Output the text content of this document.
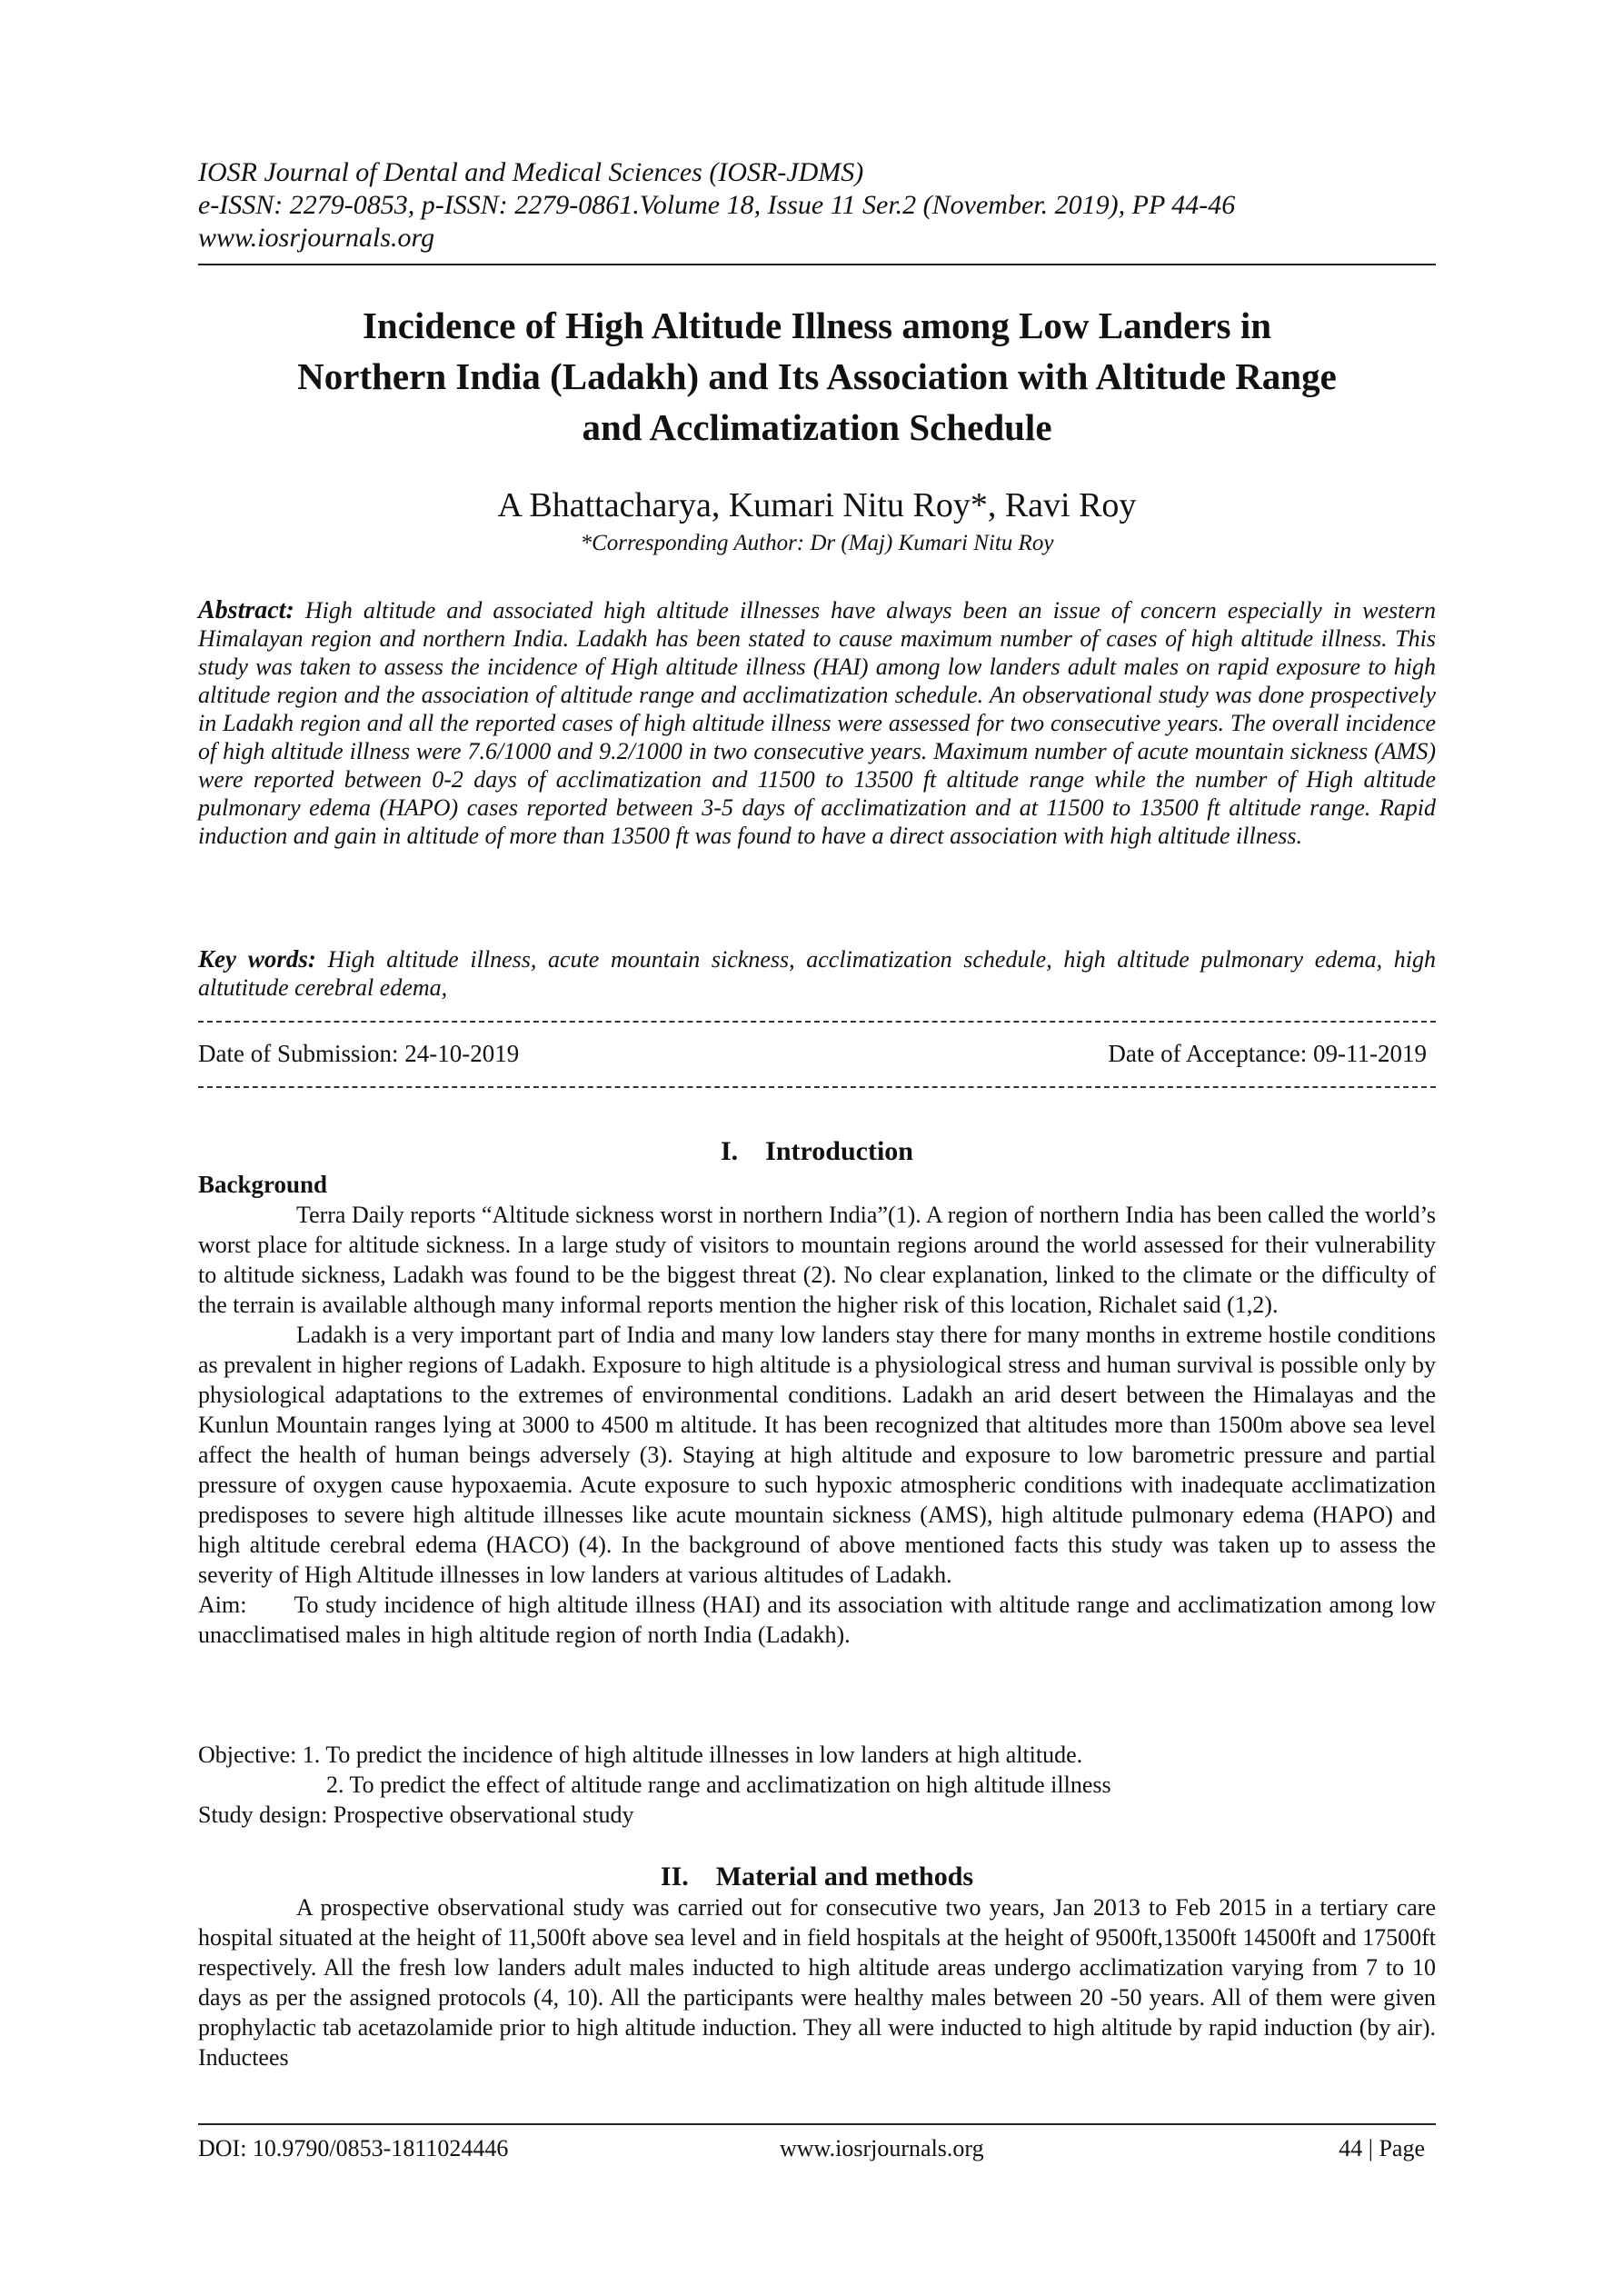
IOSR Journal of Dental and Medical Sciences (IOSR-JDMS)
e-ISSN: 2279-0853, p-ISSN: 2279-0861.Volume 18, Issue 11 Ser.2 (November. 2019), PP 44-46
www.iosrjournals.org
Incidence of High Altitude Illness among Low Landers in
Northern India (Ladakh) and Its Association with Altitude Range
and Acclimatization Schedule
A Bhattacharya, Kumari Nitu Roy*, Ravi Roy
*Corresponding Author: Dr (Maj) Kumari Nitu Roy
Abstract: High altitude and associated high altitude illnesses have always been an issue of concern especially in western Himalayan region and northern India. Ladakh has been stated to cause maximum number of cases of high altitude illness. This study was taken to assess the incidence of High altitude illness (HAI) among low landers adult males on rapid exposure to high altitude region and the association of altitude range and acclimatization schedule. An observational study was done prospectively in Ladakh region and all the reported cases of high altitude illness were assessed for two consecutive years. The overall incidence of high altitude illness were 7.6/1000 and 9.2/1000 in two consecutive years. Maximum number of acute mountain sickness (AMS) were reported between 0-2 days of acclimatization and 11500 to 13500 ft altitude range while the number of High altitude pulmonary edema (HAPO) cases reported between 3-5 days of acclimatization and at 11500 to 13500 ft altitude range. Rapid induction and gain in altitude of more than 13500 ft was found to have a direct association with high altitude illness.
Key words: High altitude illness, acute mountain sickness, acclimatization schedule, high altitude pulmonary edema, high altutitude cerebral edema,
Date of Submission: 24-10-2019	Date of Acceptance: 09-11-2019
I. Introduction
Background

Terra Daily reports “Altitude sickness worst in northern India”(1). A region of northern India has been called the world’s worst place for altitude sickness. In a large study of visitors to mountain regions around the world assessed for their vulnerability to altitude sickness, Ladakh was found to be the biggest threat (2). No clear explanation, linked to the climate or the difficulty of the terrain is available although many informal reports mention the higher risk of this location, Richalet said (1,2).

Ladakh is a very important part of India and many low landers stay there for many months in extreme hostile conditions as prevalent in higher regions of Ladakh. Exposure to high altitude is a physiological stress and human survival is possible only by physiological adaptations to the extremes of environmental conditions. Ladakh an arid desert between the Himalayas and the Kunlun Mountain ranges lying at 3000 to 4500 m altitude. It has been recognized that altitudes more than 1500m above sea level affect the health of human beings adversely (3). Staying at high altitude and exposure to low barometric pressure and partial pressure of oxygen cause hypoxaemia. Acute exposure to such hypoxic atmospheric conditions with inadequate acclimatization predisposes to severe high altitude illnesses like acute mountain sickness (AMS), high altitude pulmonary edema (HAPO) and high altitude cerebral edema (HACO) (4). In the background of above mentioned facts this study was taken up to assess the severity of High Altitude illnesses in low landers at various altitudes of Ladakh.

Aim:  To study incidence of high altitude illness (HAI) and its association with altitude range and acclimatization among low unacclimatised males in high altitude region of north India (Ladakh).

Objective: 1. To predict the incidence of high altitude illnesses in low landers at high altitude.
2. To predict the effect of altitude range and acclimatization on high altitude illness
Study design: Prospective observational study
II. Material and methods

A prospective observational study was carried out for consecutive two years, Jan 2013 to Feb 2015 in a tertiary care hospital situated at the height of 11,500ft above sea level and in field hospitals at the height of 9500ft,13500ft 14500ft and 17500ft respectively. All the fresh low landers adult males inducted to high altitude areas undergo acclimatization varying from 7 to 10 days as per the assigned protocols (4, 10). All the participants were healthy males between 20 -50 years. All of them were given prophylactic tab acetazolamide prior to high altitude induction. They all were inducted to high altitude by rapid induction (by air). Inductees

DOI: 10.9790/0853-1811024446	www.iosrjournals.org	44 | Page
